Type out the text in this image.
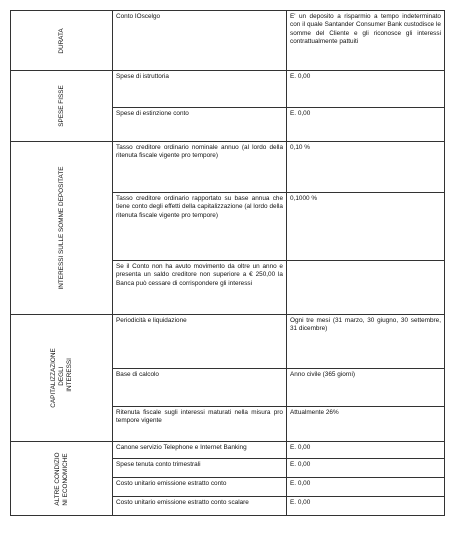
DURATA	Conto IOscelgo	E' un deposito a risparmio a tempo indeterminato con il quale Santander Consumer Bank custodisce le somme del Cliente e gli riconosce gli interessi contrattualmente pattuiti

SPESE FISSE	Spese di istruttoria	E. 0,00
	Spese di estinzione conto	E. 0,00

INTERESSI SULLE SOMME DEPOSITATE	Tasso creditore ordinario nominale annuo (al lordo della ritenuta fiscale vigente pro tempore)	0,10 %
	Tasso creditore ordinario rapportato su base annua che tiene conto degli effetti della capitalizzazione (al lordo della ritenuta fiscale vigente pro tempore)	0,1000 %
	Se il Conto non ha avuto movimento da oltre un anno e presenta un saldo creditore non superiore a € 250,00 la Banca può cessare di corrispondere gli interessi	

CAPITALIZZAZIONE DEGLI INTERESSI	Periodicità e liquidazione	Ogni tre mesi (31 marzo, 30 giugno, 30 settembre, 31 dicembre)
	Base di calcolo	Anno civile (365 giorni)
	Ritenuta fiscale sugli interessi maturati nella misura pro tempore vigente	Attualmente 26%

ALTRE CONDIZIO NI ECONOMICHE	Canone servizio Telephone e Internet Banking	E. 0,00
	Spese tenuta conto trimestrali	E. 0,00
	Costo unitario emissione estratto conto	E. 0,00
	Costo unitario emissione estratto conto scalare	E. 0,00
